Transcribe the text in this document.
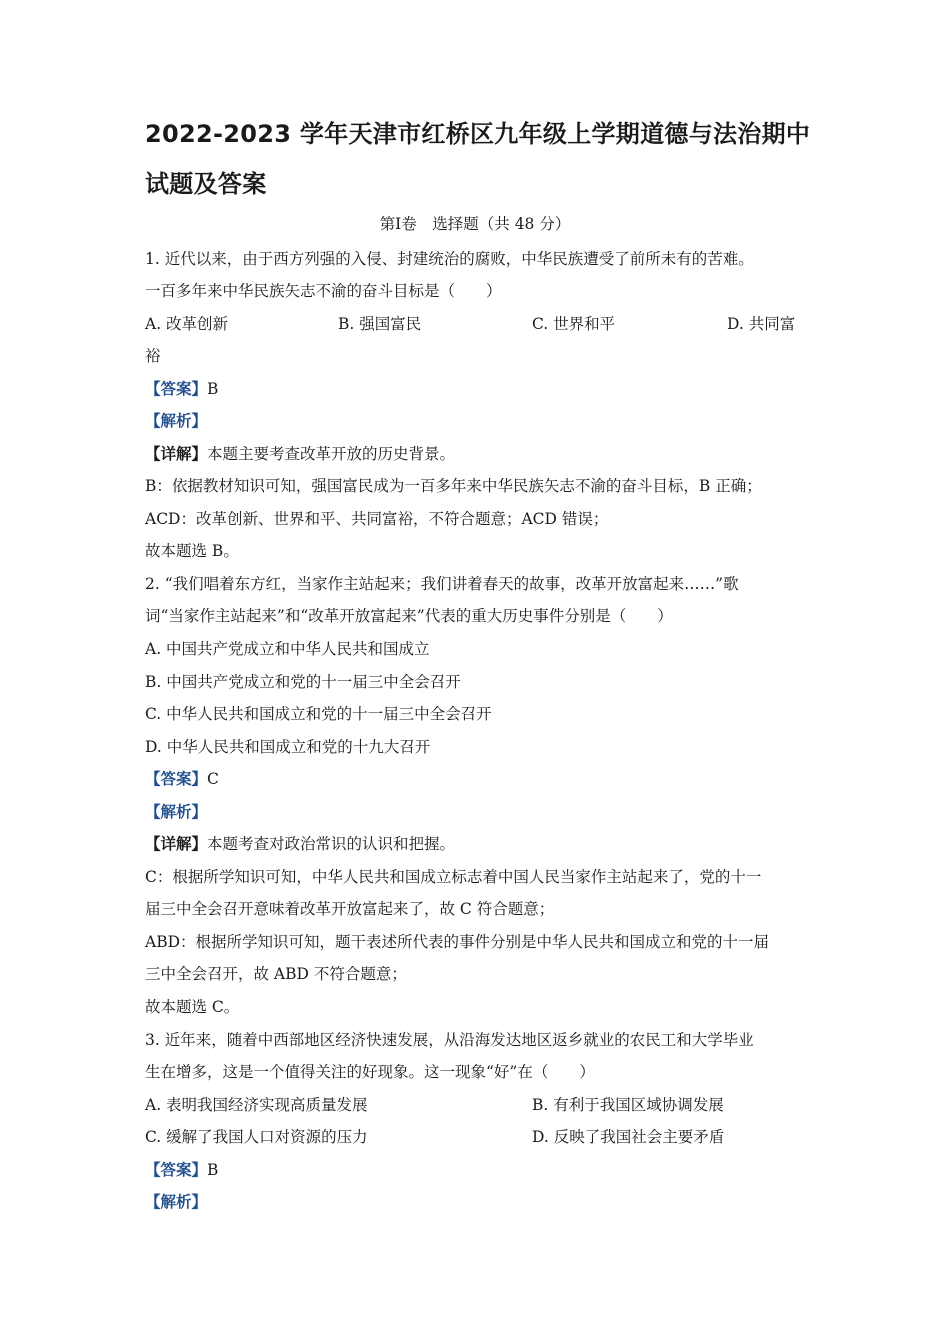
2022-2023 学年天津市红桥区九年级上学期道德与法治期中
试题及答案
第Ⅰ卷　选择题（共 48 分）
1. 近代以来，由于西方列强的入侵、封建统治的腐败，中华民族遭受了前所未有的苦难。
一百多年来中华民族矢志不渝的奋斗目标是（　　）
A. 改革创新	B. 强国富民	C. 世界和平	D. 共同富
裕
【答案】B
【解析】
【详解】本题主要考查改革开放的历史背景。
B：依据教材知识可知，强国富民成为一百多年来中华民族矢志不渝的奋斗目标，B 正确；
ACD：改革创新、世界和平、共同富裕，不符合题意；ACD 错误；
故本题选 B。
2. “我们唱着东方红，当家作主站起来；我们讲着春天的故事，改革开放富起来……”歌
词“当家作主站起来”和“改革开放富起来”代表的重大历史事件分别是（　　）
A. 中国共产党成立和中华人民共和国成立
B. 中国共产党成立和党的十一届三中全会召开
C. 中华人民共和国成立和党的十一届三中全会召开
D. 中华人民共和国成立和党的十九大召开
【答案】C
【解析】
【详解】本题考查对政治常识的认识和把握。
C：根据所学知识可知，中华人民共和国成立标志着中国人民当家作主站起来了，党的十一
届三中全会召开意味着改革开放富起来了，故 C 符合题意；
ABD：根据所学知识可知，题干表述所代表的事件分别是中华人民共和国成立和党的十一届
三中全会召开，故 ABD 不符合题意；
故本题选 C。
3. 近年来，随着中西部地区经济快速发展，从沿海发达地区返乡就业的农民工和大学毕业
生在增多，这是一个值得关注的好现象。这一现象“好”在（　　）
A. 表明我国经济实现高质量发展	B. 有利于我国区域协调发展
C. 缓解了我国人口对资源的压力	D. 反映了我国社会主要矛盾
【答案】B
【解析】
